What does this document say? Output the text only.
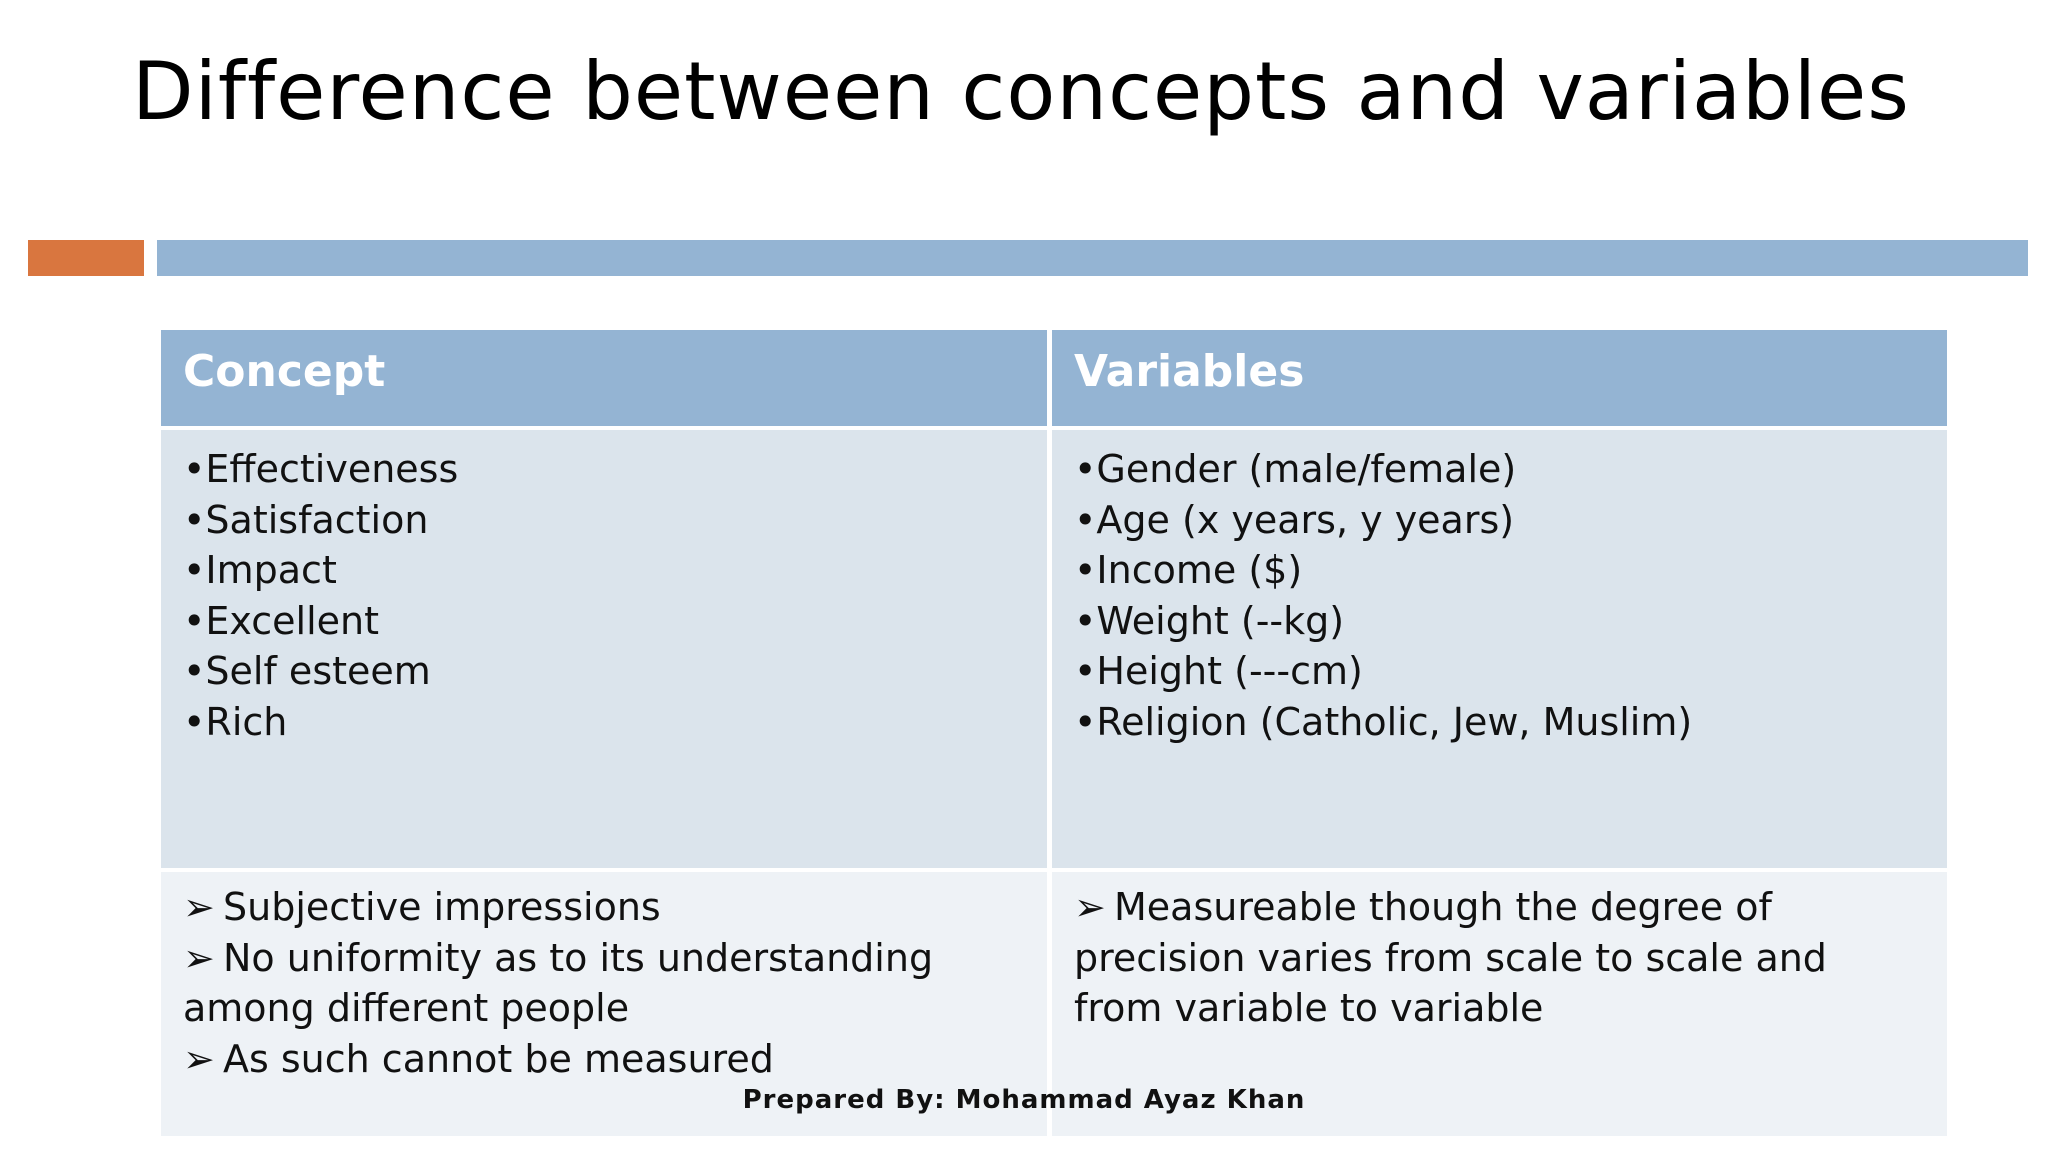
Difference between concepts and variables
Concept	Variables
• Effectiveness
• Satisfaction
• Impact
• Excellent
• Self esteem
• Rich
• Gender (male/female)
• Age (x years, y years)
• Income ($)
• Weight (--kg)
• Height (---cm)
• Religion (Catholic, Jew, Muslim)
➢ Subjective impressions
➢ No uniformity as to its understanding among different people
➢ As such cannot be measured
➢ Measureable though the degree of precision varies from scale to scale and from variable to variable
Prepared By: Mohammad Ayaz Khan
